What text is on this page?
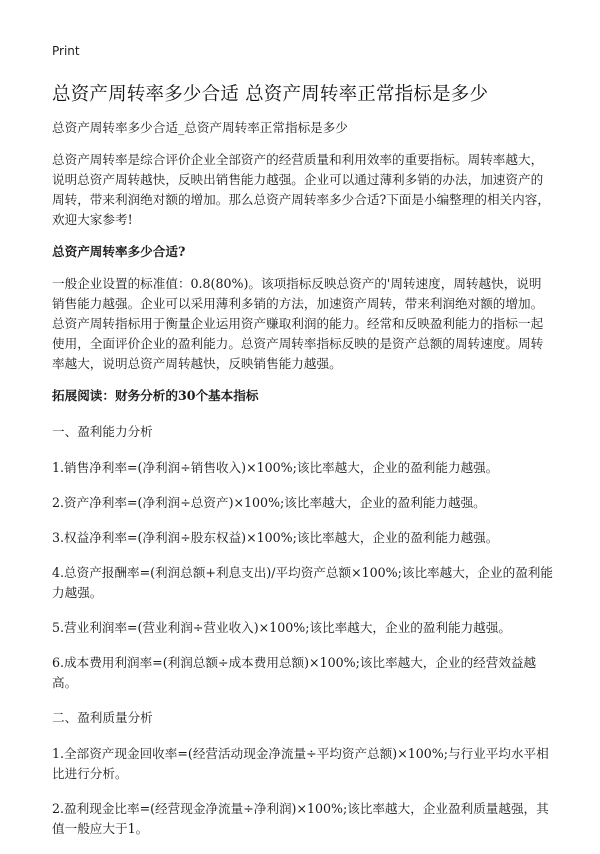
Print
总资产周转率多少合适 总资产周转率正常指标是多少

总资产周转率多少合适_总资产周转率正常指标是多少

总资产周转率是综合评价企业全部资产的经营质量和利用效率的重要指标。周转率越大，说明总资产周转越快，反映出销售能力越强。企业可以通过薄利多销的办法，加速资产的周转，带来利润绝对额的增加。那么总资产周转率多少合适?下面是小编整理的相关内容，欢迎大家参考!

总资产周转率多少合适?

一般企业设置的标准值：0.8(80%)。该项指标反映总资产的'周转速度，周转越快，说明销售能力越强。企业可以采用薄利多销的方法，加速资产周转，带来利润绝对额的增加。总资产周转指标用于衡量企业运用资产赚取利润的能力。经常和反映盈利能力的指标一起使用，全面评价企业的盈利能力。总资产周转率指标反映的是资产总额的周转速度。周转率越大，说明总资产周转越快，反映销售能力越强。

拓展阅读：财务分析的30个基本指标

一、盈利能力分析

1.销售净利率=(净利润÷销售收入)×100%;该比率越大，企业的盈利能力越强。

2.资产净利率=(净利润÷总资产)×100%;该比率越大，企业的盈利能力越强。

3.权益净利率=(净利润÷股东权益)×100%;该比率越大，企业的盈利能力越强。

4.总资产报酬率=(利润总额+利息支出)/平均资产总额×100%;该比率越大，企业的盈利能力越强。

5.营业利润率=(营业利润÷营业收入)×100%;该比率越大，企业的盈利能力越强。

6.成本费用利润率=(利润总额÷成本费用总额)×100%;该比率越大，企业的经营效益越高。

二、盈利质量分析

1.全部资产现金回收率=(经营活动现金净流量÷平均资产总额)×100%;与行业平均水平相比进行分析。

2.盈利现金比率=(经营现金净流量÷净利润)×100%;该比率越大，企业盈利质量越强，其值一般应大于1。
